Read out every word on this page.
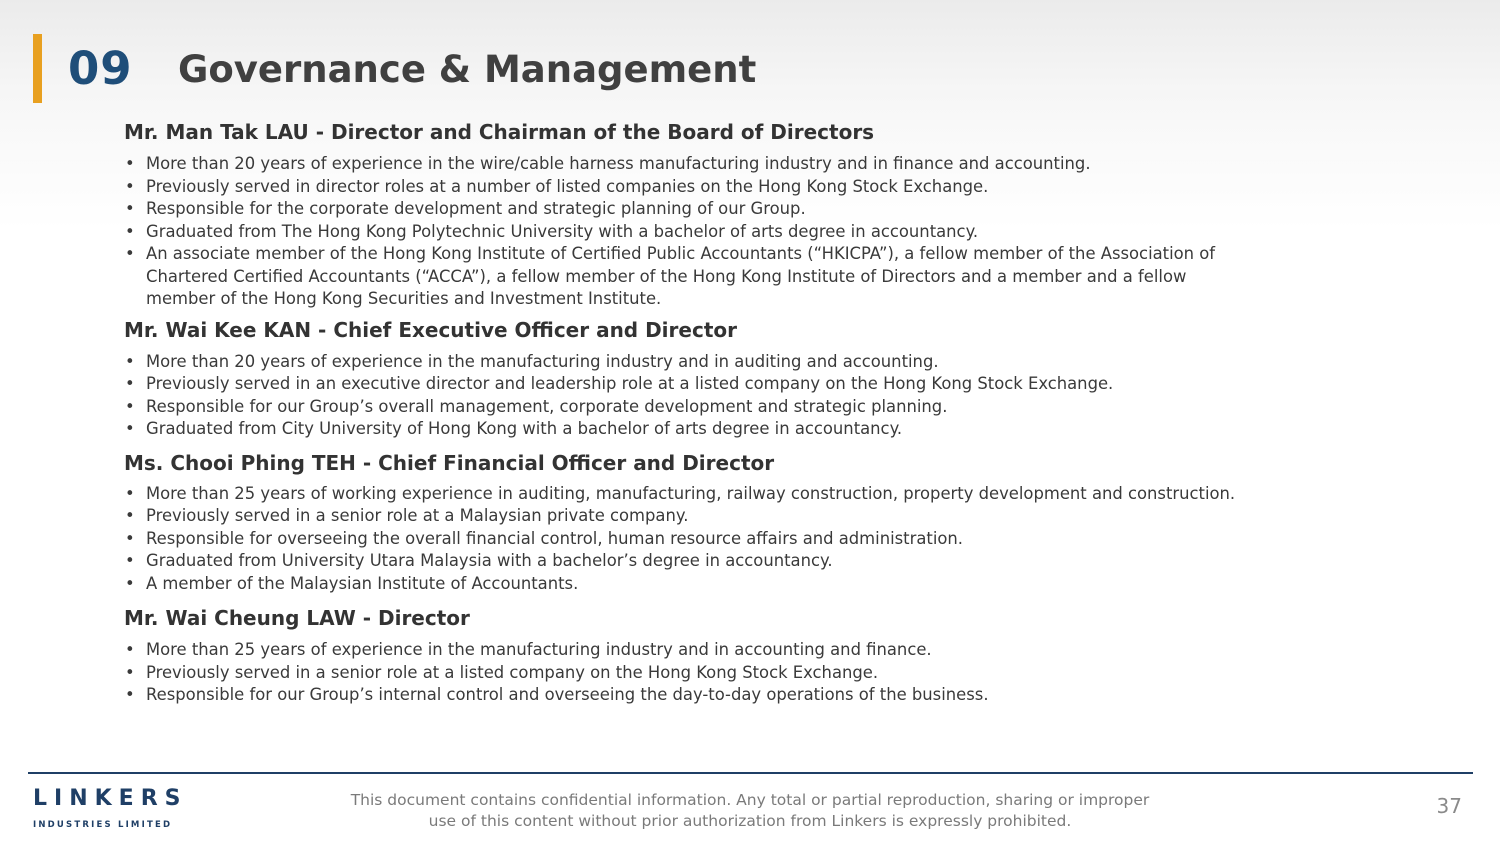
09 Governance & Management
Mr. Man Tak LAU - Director and Chairman of the Board of Directors
• More than 20 years of experience in the wire/cable harness manufacturing industry and in finance and accounting.
• Previously served in director roles at a number of listed companies on the Hong Kong Stock Exchange.
• Responsible for the corporate development and strategic planning of our Group.
• Graduated from The Hong Kong Polytechnic University with a bachelor of arts degree in accountancy.
• An associate member of the Hong Kong Institute of Certified Public Accountants (“HKICPA”), a fellow member of the Association of Chartered Certified Accountants (“ACCA”), a fellow member of the Hong Kong Institute of Directors and a member and a fellow member of the Hong Kong Securities and Investment Institute.
Mr. Wai Kee KAN - Chief Executive Officer and Director
• More than 20 years of experience in the manufacturing industry and in auditing and accounting.
• Previously served in an executive director and leadership role at a listed company on the Hong Kong Stock Exchange.
• Responsible for our Group’s overall management, corporate development and strategic planning.
• Graduated from City University of Hong Kong with a bachelor of arts degree in accountancy.
Ms. Chooi Phing TEH - Chief Financial Officer and Director
• More than 25 years of working experience in auditing, manufacturing, railway construction, property development and construction.
• Previously served in a senior role at a Malaysian private company.
• Responsible for overseeing the overall financial control, human resource affairs and administration.
• Graduated from University Utara Malaysia with a bachelor’s degree in accountancy.
• A member of the Malaysian Institute of Accountants.
Mr. Wai Cheung LAW - Director
• More than 25 years of experience in the manufacturing industry and in accounting and finance.
• Previously served in a senior role at a listed company on the Hong Kong Stock Exchange.
• Responsible for our Group’s internal control and overseeing the day-to-day operations of the business.
LINKERS
INDUSTRIES LIMITED
This document contains confidential information. Any total or partial reproduction, sharing or improper
use of this content without prior authorization from Linkers is expressly prohibited.
37
